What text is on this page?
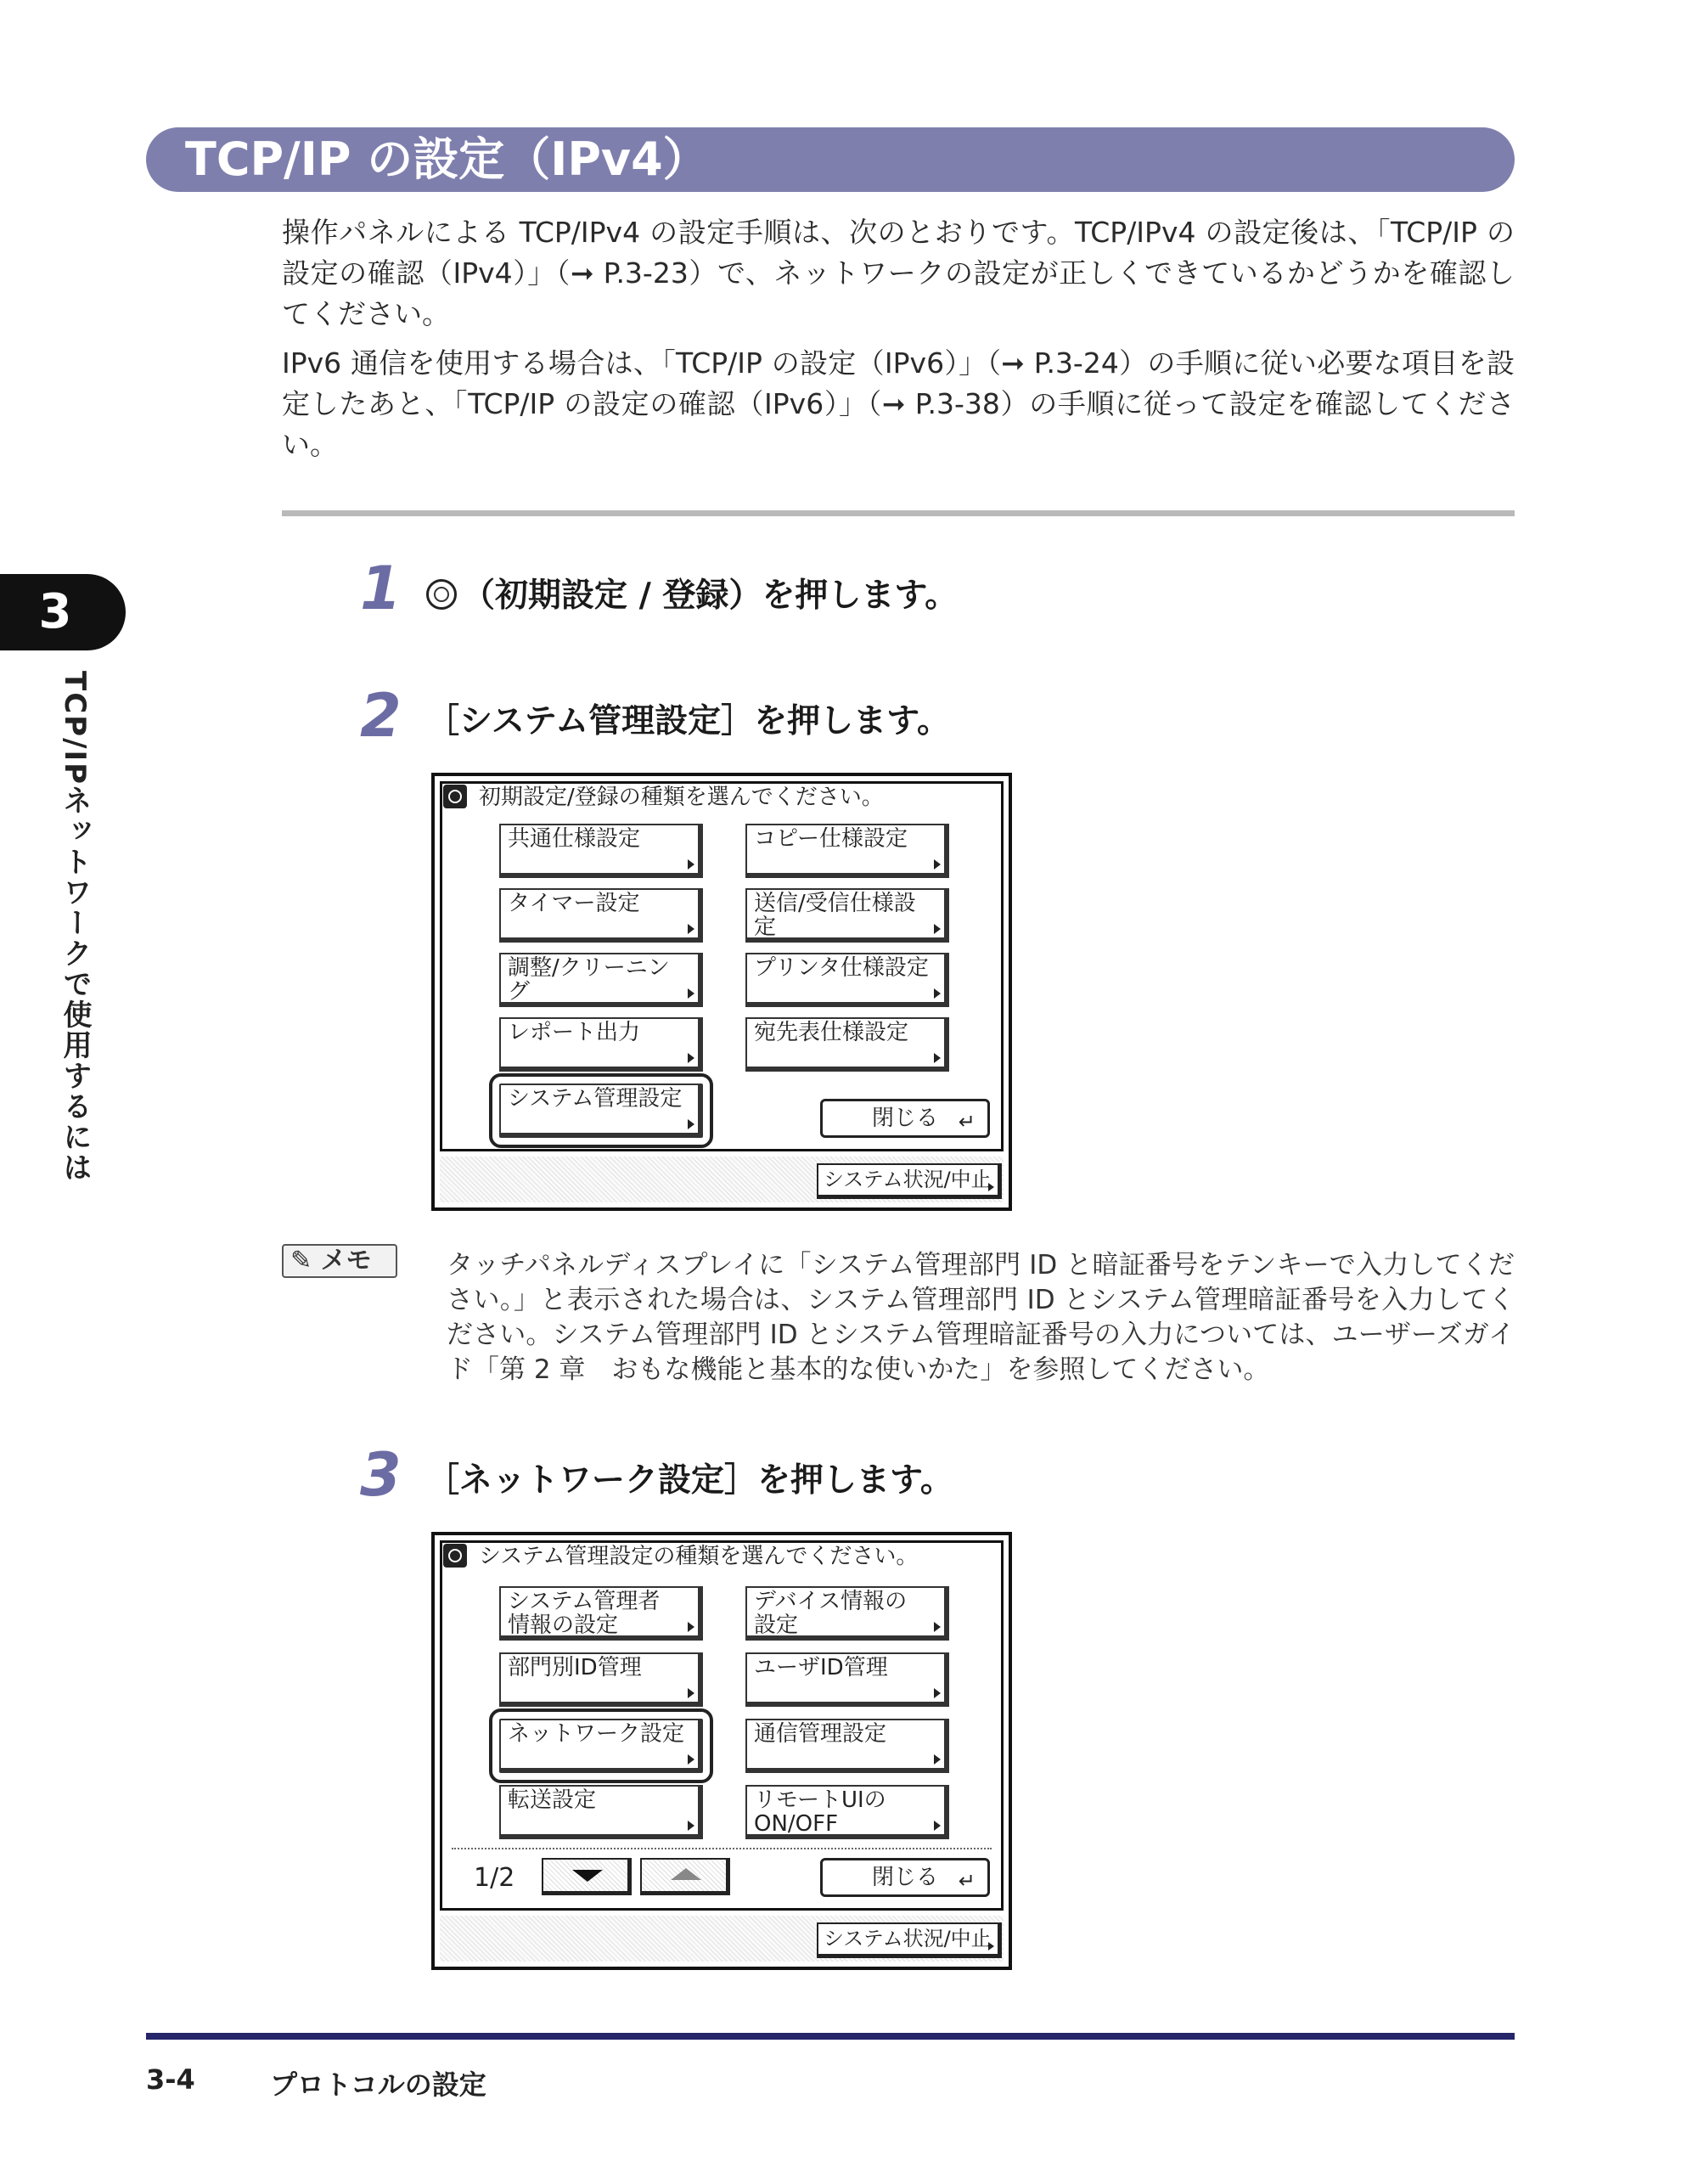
TCP/IP の設定（IPv4）
操作パネルによる TCP/IPv4 の設定手順は、次のとおりです。TCP/IPv4 の設定後は、「TCP/IP の設定の確認（IPv4）」（➞ P.3-23）で、ネットワークの設定が正しくできているかどうかを確認してください。
IPv6 通信を使用する場合は、「TCP/IP の設定（IPv6）」（➞ P.3-24）の手順に従い必要な項目を設定したあと、「TCP/IP の設定の確認（IPv6）」（➞ P.3-38）の手順に従って設定を確認してください。
3
TCP/IPネットワークで使用するには
1	（初期設定 / 登録）を押します。
2 ［システム管理設定］を押します。
初期設定/登録の種類を選んでください。
共通仕様設定	コピー仕様設定
タイマー設定	送信/受信仕様設定
調整/クリーニング
プリンタ仕様設定
レポート出力	宛先表仕様設定
システム管理設定
閉じる ↵
システム状況/中止
✎ メモ	タッチパネルディスプレイに「システム管理部門 ID と暗証番号をテンキーで入力してください。」と表示された場合は、システム管理部門 ID とシステム管理暗証番号を入力してください。システム管理部門 ID とシステム管理暗証番号の入力については、ユーザーズガイド「第 2 章　おもな機能と基本的な使いかた」を参照してください。
3 ［ネットワーク設定］を押します。
システム管理設定の種類を選んでください。
システム管理者
情報の設定
デバイス情報の
設定
部門別ID管理	ユーザID管理
ネットワーク設定	通信管理設定
転送設定	リモートUIの
ON/OFF
1/2	閉じる ↵
システム状況/中止
3-4	プロトコルの設定
